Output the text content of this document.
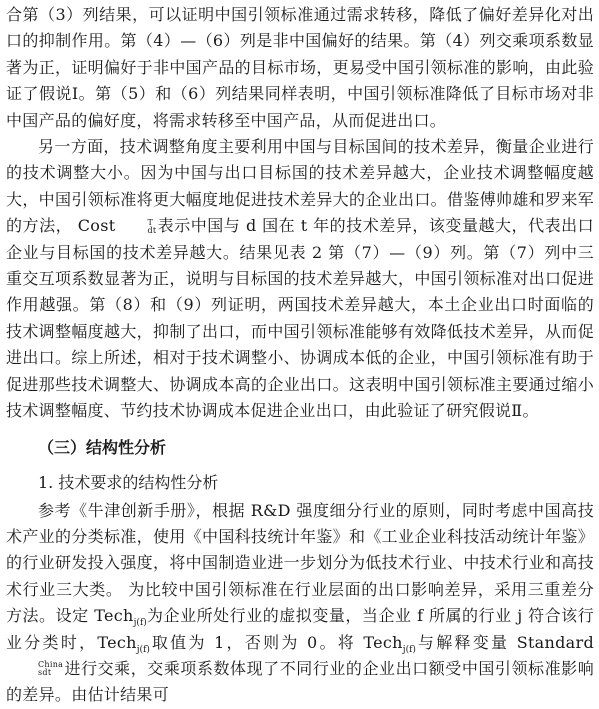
合第（3）列结果，可以证明中国引领标准通过需求转移，降低了偏好差异化对出口的抑制作用。第（4）—（6）列是非中国偏好的结果。第（4）列交乘项系数显著为正，证明偏好于非中国产品的目标市场，更易受中国引领标准的影响，由此验证了假说Ⅰ。第（5）和（6）列结果同样表明，中国引领标准降低了目标市场对非中国产品的偏好度，将需求转移至中国产品，从而促进出口。

另一方面，技术调整角度主要利用中国与目标国间的技术差异，衡量企业进行的技术调整大小。因为中国与出口目标国的技术差异越大，企业技术调整幅度越大，中国引领标准将更大幅度地促进技术差异大的企业出口。借鉴傅帅雄和罗来军的方法， Cost	T
dt 表示中国与 d 国在 t 年的技术差异，该变量越大，代表出口企业与目标国的技术差异越大。结果见表 2 第（7）—（9）列。第（7）列中三重交互项系数显著为正，说明与目标国的技术差异越大，中国引领标准对出口促进作用越强。第（8）和（9）列证明，两国技术差异越大，本土企业出口时面临的技术调整幅度越大，抑制了出口，而中国引领标准能够有效降低技术差异，从而促进出口。综上所述，相对于技术调整小、协调成本低的企业，中国引领标准有助于促进那些技术调整大、协调成本高的企业出口。这表明中国引领标准主要通过缩小技术调整幅度、节约技术协调成本促进企业出口，由此验证了研究假说Ⅱ。

（三）结构性分析
1. 技术要求的结构性分析

参考《牛津创新手册》，根据 R&D 强度细分行业的原则，同时考虑中国高技术产业的分类标准，使用《中国科技统计年鉴》和《工业企业科技活动统计年鉴》的行业研发投入强度，将中国制造业进一步划分为低技术行业、中技术行业和高技术行业三大类。 为比较中国引领标准在行业层面的出口影响差异，采用三重差分方法。设定 Tech$_{j(f)}$为企业所处行业的虚拟变量，当企业 f 所属的行业 j 符合该行业分类时，Tech$_{j(f)}$取值为 1，否则为 0。将 Tech$_{j(f)}$与解释变量 Standard
China
sdt 进行交乘，交乘项系数体现了不同行业的企业出口额受中国引领标准影响的差异。由估计结果可
